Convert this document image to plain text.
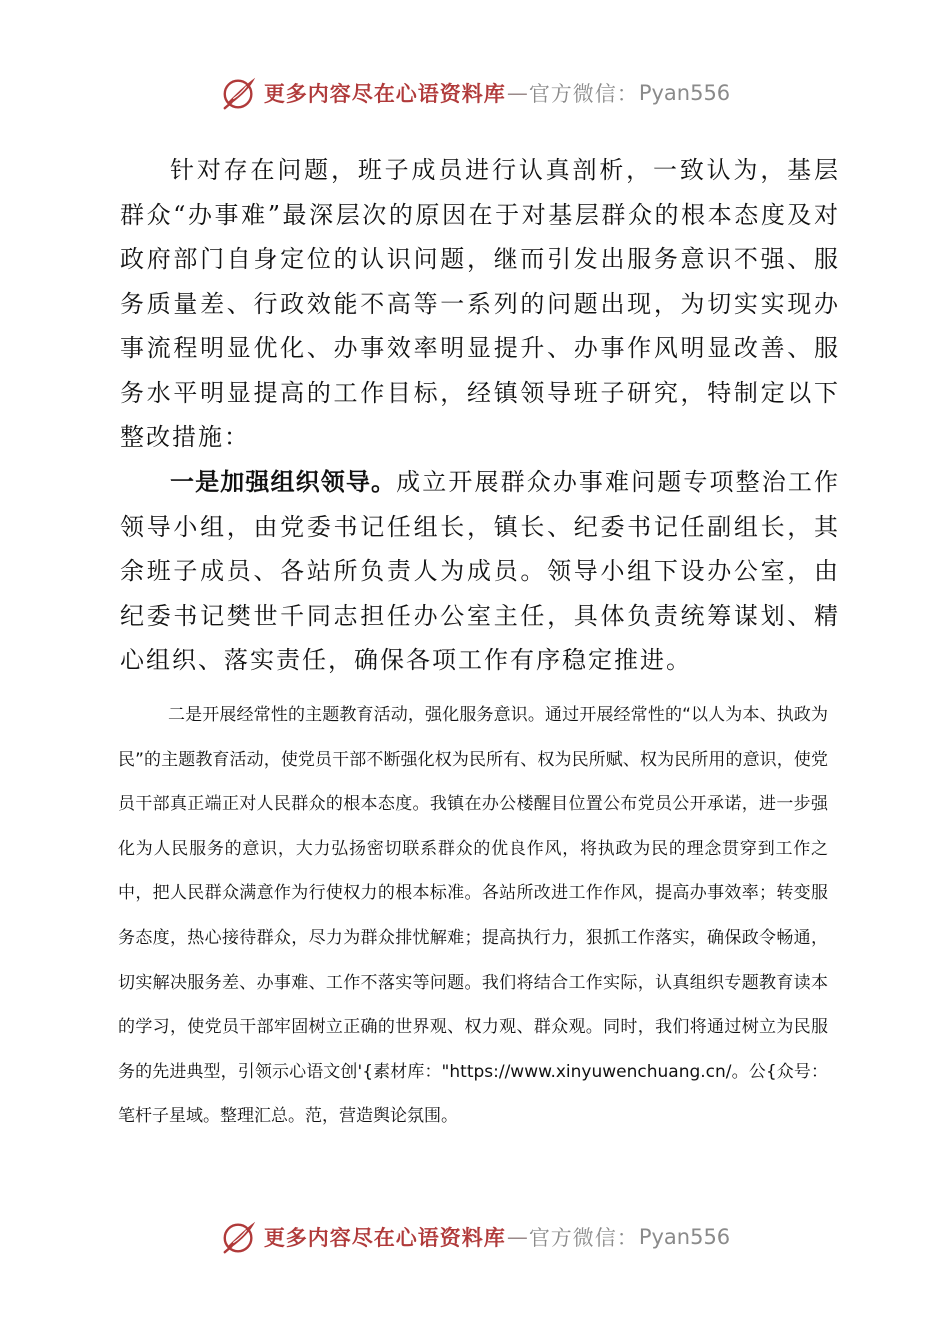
更多内容尽在心语资料库 — 官方微信： Pyan556

针对存在问题，班子成员进行认真剖析，一致认为，基层群众“办事难”最深层次的原因在于对基层群众的根本态度及对政府部门自身定位的认识问题，继而引发出服务意识不强、服务质量差、行政效能不高等一系列的问题出现，为切实实现办事流程明显优化、办事效率明显提升、办事作风明显改善、服务水平明显提高的工作目标，经镇领导班子研究，特制定以下整改措施：

一是加强组织领导。成立开展群众办事难问题专项整治工作领导小组，由党委书记任组长，镇长、纪委书记任副组长，其余班子成员、各站所负责人为成员。领导小组下设办公室，由纪委书记樊世千同志担任办公室主任，具体负责统筹谋划、精心组织、落实责任，确保各项工作有序稳定推进。

二是开展经常性的主题教育活动，强化服务意识。通过开展经常性的“以人为本、执政为民”的主题教育活动，使党员干部不断强化权为民所有、权为民所赋、权为民所用的意识，使党员干部真正端正对人民群众的根本态度。我镇在办公楼醒目位置公布党员公开承诺，进一步强化为人民服务的意识，大力弘扬密切联系群众的优良作风，将执政为民的理念贯穿到工作之中，把人民群众满意作为行使权力的根本标准。各站所改进工作作风，提高办事效率；转变服务态度，热心接待群众，尽力为群众排忧解难；提高执行力，狠抓工作落实，确保政令畅通，切实解决服务差、办事难、工作不落实等问题。我们将结合工作实际，认真组织专题教育读本的学习，使党员干部牢固树立正确的世界观、权力观、群众观。同时，我们将通过树立为民服务的先进典型，引领示心语文创'{素材库："https://www.xinyuwenchuang.cn/。公{众号：笔杆子星域。整理汇总。范，营造舆论氛围。

更多内容尽在心语资料库 — 官方微信： Pyan556
